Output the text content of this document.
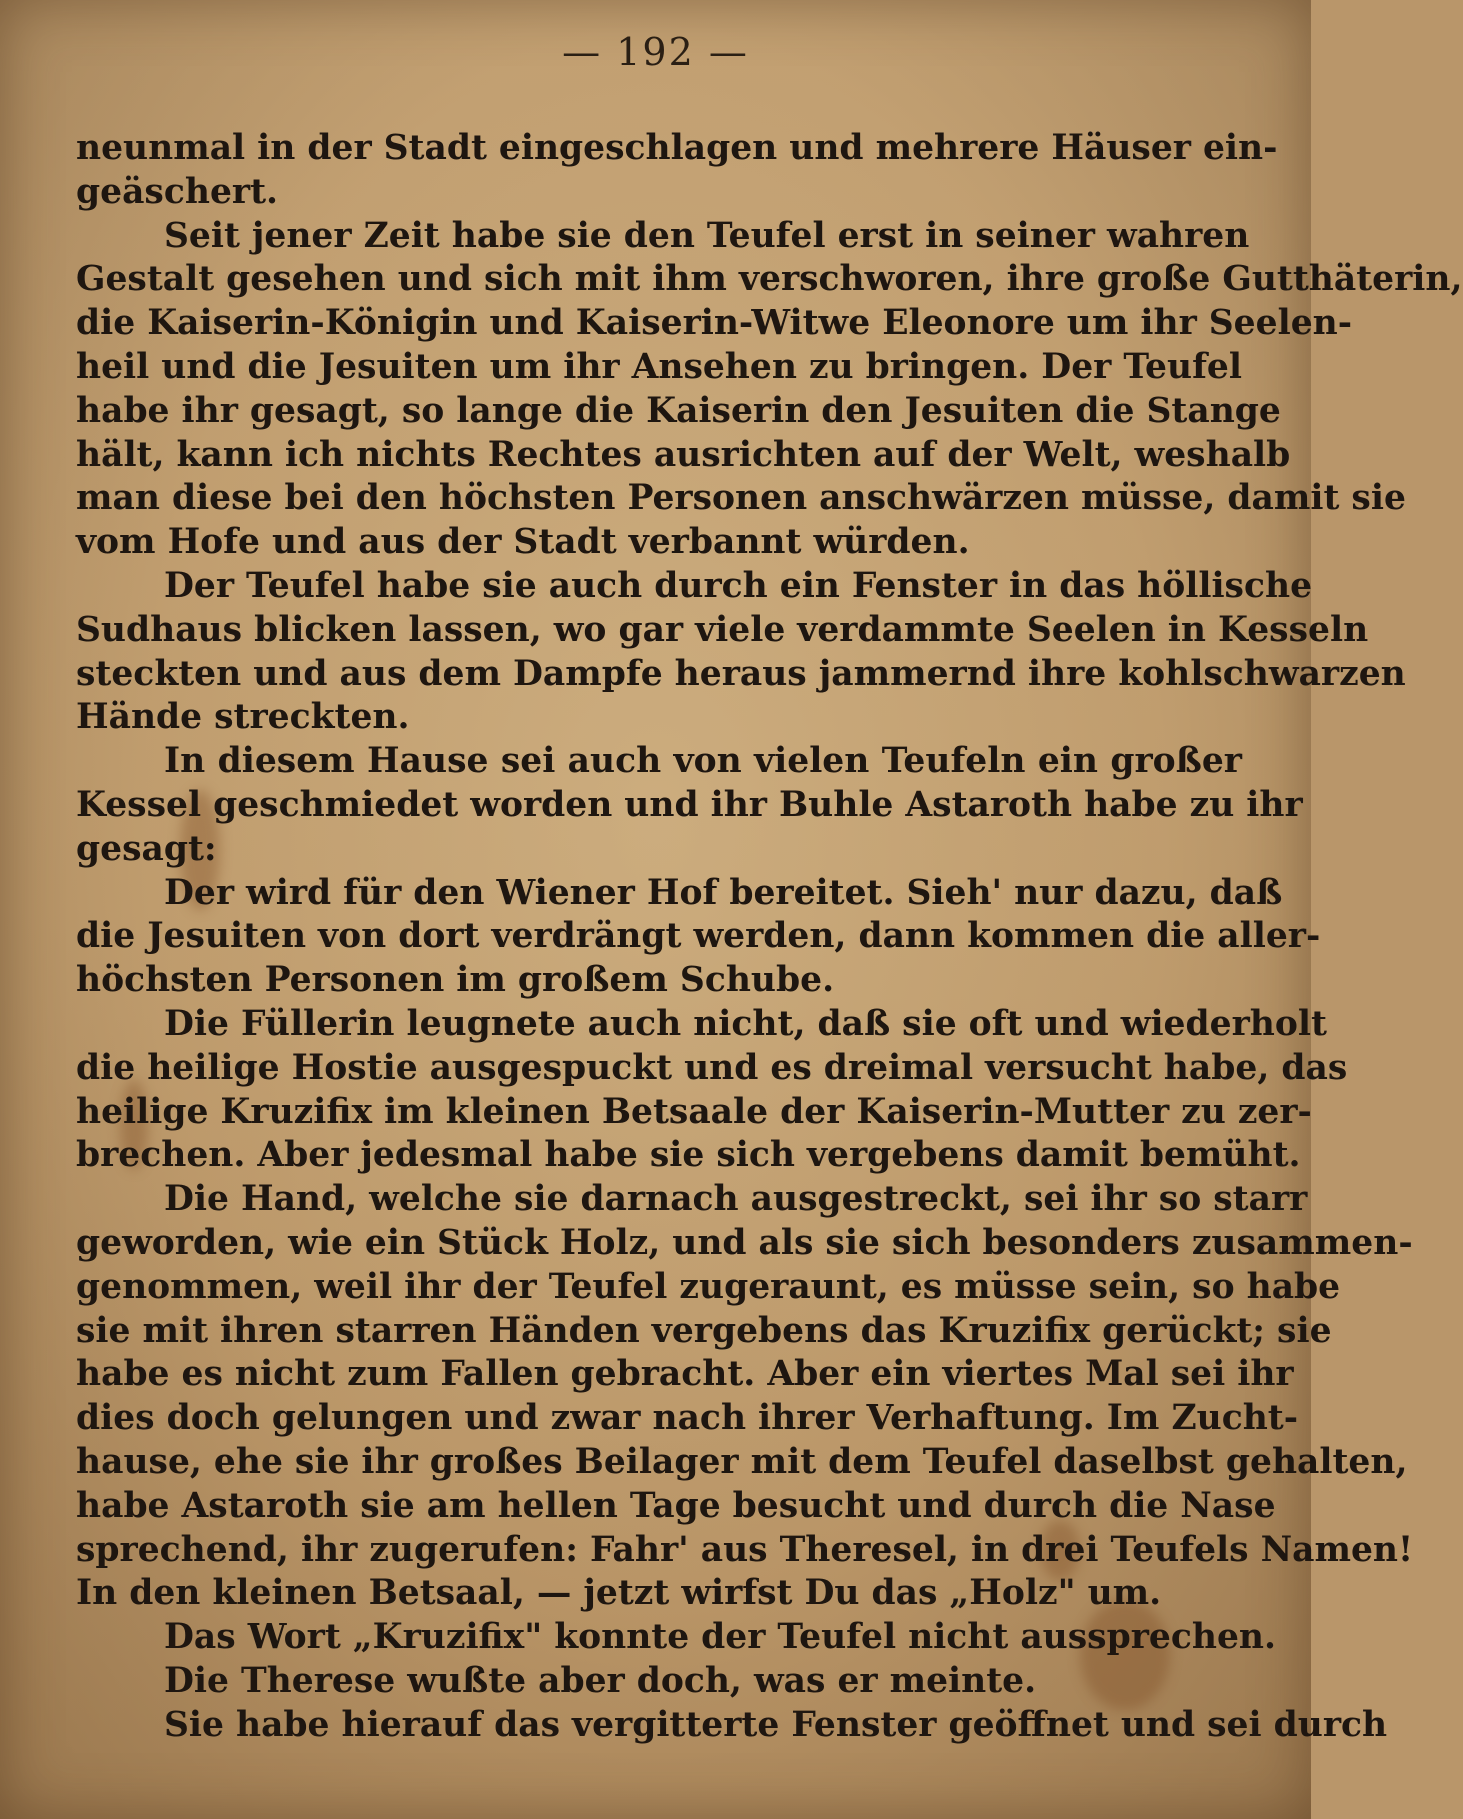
— 192 —
neunmal in der Stadt eingeschlagen und mehrere Häuser ein-
geäschert.
Seit jener Zeit habe sie den Teufel erst in seiner wahren
Gestalt gesehen und sich mit ihm verschworen, ihre große Gutthäterin,
die Kaiserin-Königin und Kaiserin-Witwe Eleonore um ihr Seelen-
heil und die Jesuiten um ihr Ansehen zu bringen. Der Teufel
habe ihr gesagt, so lange die Kaiserin den Jesuiten die Stange
hält, kann ich nichts Rechtes ausrichten auf der Welt, weshalb
man diese bei den höchsten Personen anschwärzen müsse, damit sie
vom Hofe und aus der Stadt verbannt würden.
Der Teufel habe sie auch durch ein Fenster in das höllische
Sudhaus blicken lassen, wo gar viele verdammte Seelen in Kesseln
steckten und aus dem Dampfe heraus jammernd ihre kohlschwarzen
Hände streckten.
In diesem Hause sei auch von vielen Teufeln ein großer
Kessel geschmiedet worden und ihr Buhle Astaroth habe zu ihr
gesagt:
Der wird für den Wiener Hof bereitet. Sieh' nur dazu, daß
die Jesuiten von dort verdrängt werden, dann kommen die aller-
höchsten Personen im großem Schube.
Die Füllerin leugnete auch nicht, daß sie oft und wiederholt
die heilige Hostie ausgespuckt und es dreimal versucht habe, das
heilige Kruzifix im kleinen Betsaale der Kaiserin-Mutter zu zer-
brechen. Aber jedesmal habe sie sich vergebens damit bemüht.
Die Hand, welche sie darnach ausgestreckt, sei ihr so starr
geworden, wie ein Stück Holz, und als sie sich besonders zusammen-
genommen, weil ihr der Teufel zugeraunt, es müsse sein, so habe
sie mit ihren starren Händen vergebens das Kruzifix gerückt; sie
habe es nicht zum Fallen gebracht. Aber ein viertes Mal sei ihr
dies doch gelungen und zwar nach ihrer Verhaftung. Im Zucht-
hause, ehe sie ihr großes Beilager mit dem Teufel daselbst gehalten,
habe Astaroth sie am hellen Tage besucht und durch die Nase
sprechend, ihr zugerufen: Fahr' aus Theresel, in drei Teufels Namen!
In den kleinen Betsaal, — jetzt wirfst Du das „Holz" um.
Das Wort „Kruzifix" konnte der Teufel nicht aussprechen.
Die Therese wußte aber doch, was er meinte.
Sie habe hierauf das vergitterte Fenster geöffnet und sei durch
